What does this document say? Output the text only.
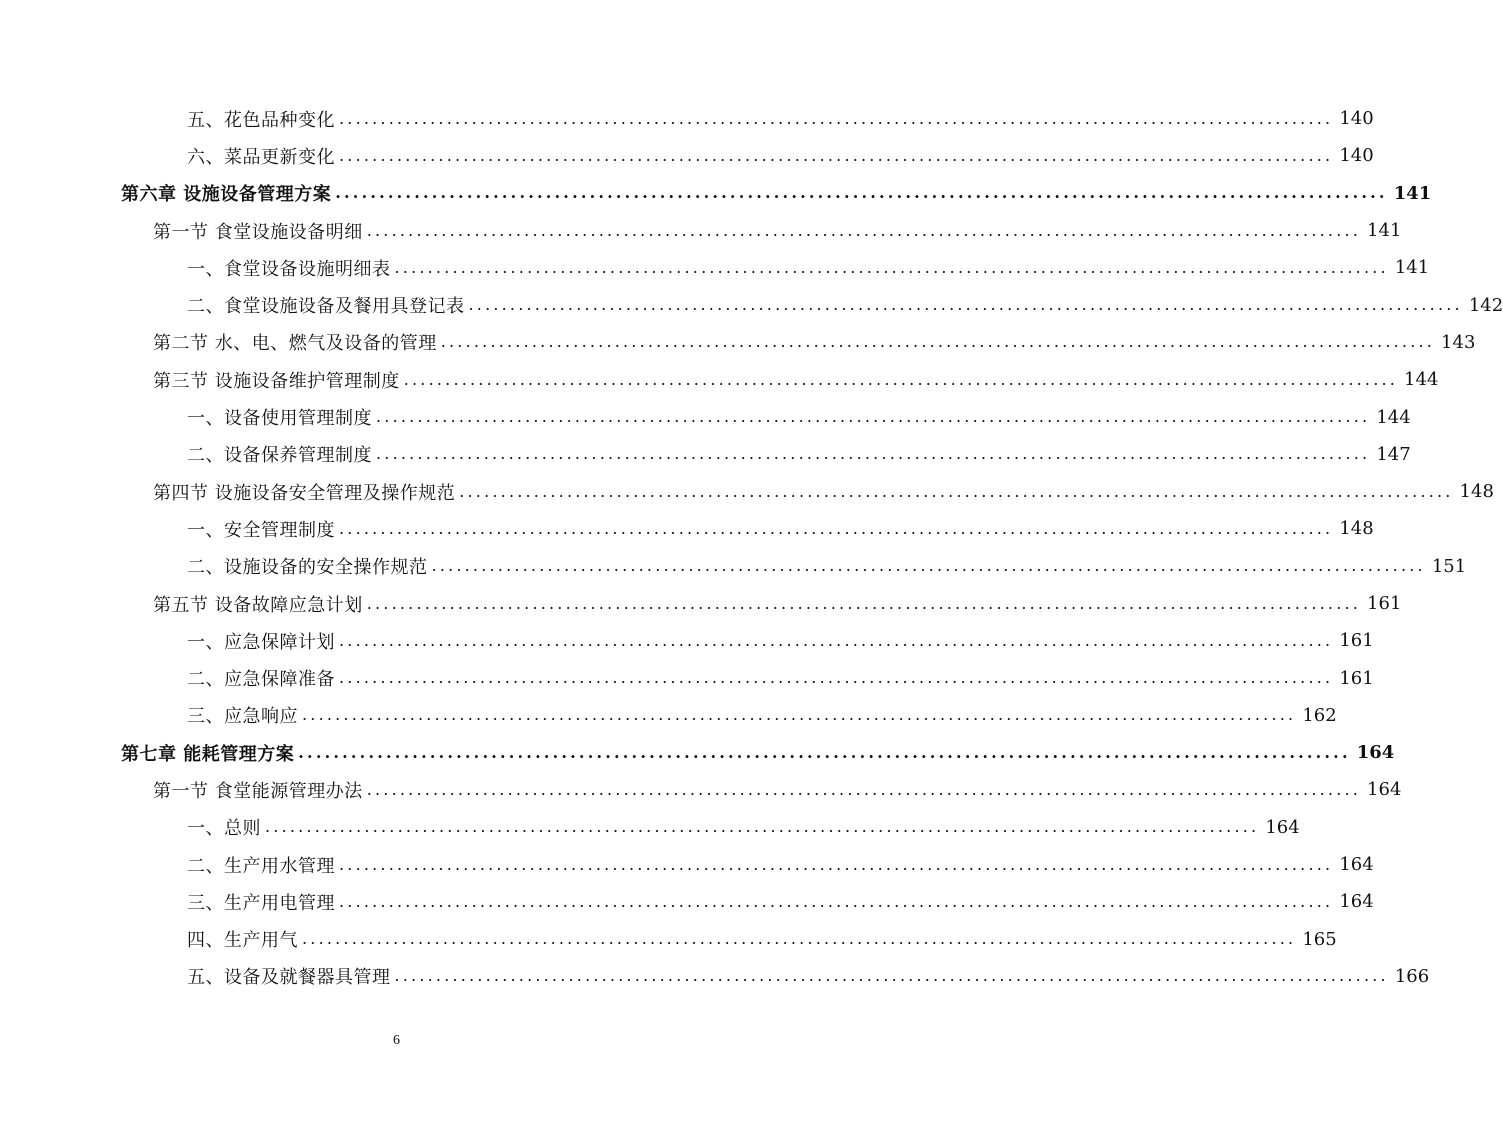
五、花色品种变化 ........................................................................................................................ 140
六、菜品更新变化 ........................................................................................................................ 140
第六章 设施设备管理方案 ........................................................................................................................ 141
第一节 食堂设施设备明细 ........................................................................................................................ 141
一、食堂设备设施明细表 ........................................................................................................................ 141
二、食堂设施设备及餐用具登记表 ........................................................................................................................ 142
第二节 水、电、燃气及设备的管理 ........................................................................................................................ 143
第三节 设施设备维护管理制度 ........................................................................................................................ 144
一、设备使用管理制度 ........................................................................................................................ 144
二、设备保养管理制度 ........................................................................................................................ 147
第四节 设施设备安全管理及操作规范 ........................................................................................................................ 148
一、安全管理制度 ........................................................................................................................ 148
二、设施设备的安全操作规范 ........................................................................................................................ 151
第五节 设备故障应急计划 ........................................................................................................................ 161
一、应急保障计划 ........................................................................................................................ 161
二、应急保障准备 ........................................................................................................................ 161
三、应急响应 ........................................................................................................................ 162
第七章 能耗管理方案 ........................................................................................................................ 164
第一节 食堂能源管理办法 ........................................................................................................................ 164
一、总则 ........................................................................................................................ 164
二、生产用水管理 ........................................................................................................................ 164
三、生产用电管理 ........................................................................................................................ 164
四、生产用气 ........................................................................................................................ 165
五、设备及就餐器具管理 ........................................................................................................................ 166
6
